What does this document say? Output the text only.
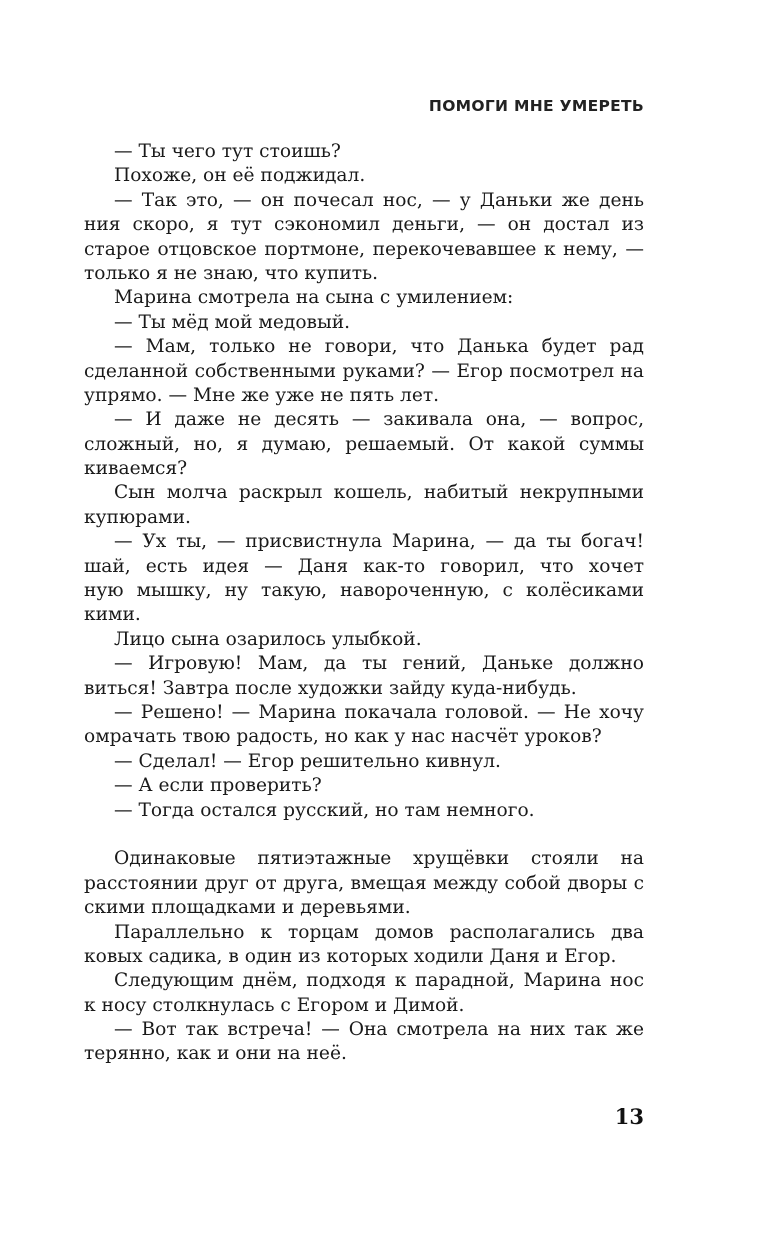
ПОМОГИ МНЕ УМЕРЕТЬ
— Ты чего тут стоишь?
Похоже, он её поджидал.
— Так это, — он почесал нос, — у Даньки же день
ния скоро, я тут сэкономил деньги, — он достал из
старое отцовское портмоне, перекочевавшее к нему, —
только я не знаю, что купить.
Марина смотрела на сына с умилением:
— Ты мёд мой медовый.
— Мам, только не говори, что Данька будет рад
сделанной собственными руками? — Егор посмотрел на
упрямо. — Мне же уже не пять лет.
— И даже не десять — закивала она, — вопрос,
сложный, но, я думаю, решаемый. От какой суммы
киваемся?
Сын молча раскрыл кошель, набитый некрупными
купюрами.
— Ух ты, — присвистнула Марина, — да ты богач!
шай, есть идея — Даня как-то говорил, что хочет
ную мышку, ну такую, навороченную, с колёсиками
кими.
Лицо сына озарилось улыбкой.
— Игровую! Мам, да ты гений, Даньке должно
виться! Завтра после художки зайду куда-нибудь.
— Решено! — Марина покачала головой. — Не хочу
омрачать твою радость, но как у нас насчёт уроков?
— Сделал! — Егор решительно кивнул.
— А если проверить?
— Тогда остался русский, но там немного.
Одинаковые пятиэтажные хрущёвки стояли на
расстоянии друг от друга, вмещая между собой дворы с
скими площадками и деревьями.
Параллельно к торцам домов располагались два
ковых садика, в один из которых ходили Даня и Егор.
Следующим днём, подходя к парадной, Марина нос
к носу столкнулась с Егором и Димой.
— Вот так встреча! — Она смотрела на них так же
терянно, как и они на неё.
13
